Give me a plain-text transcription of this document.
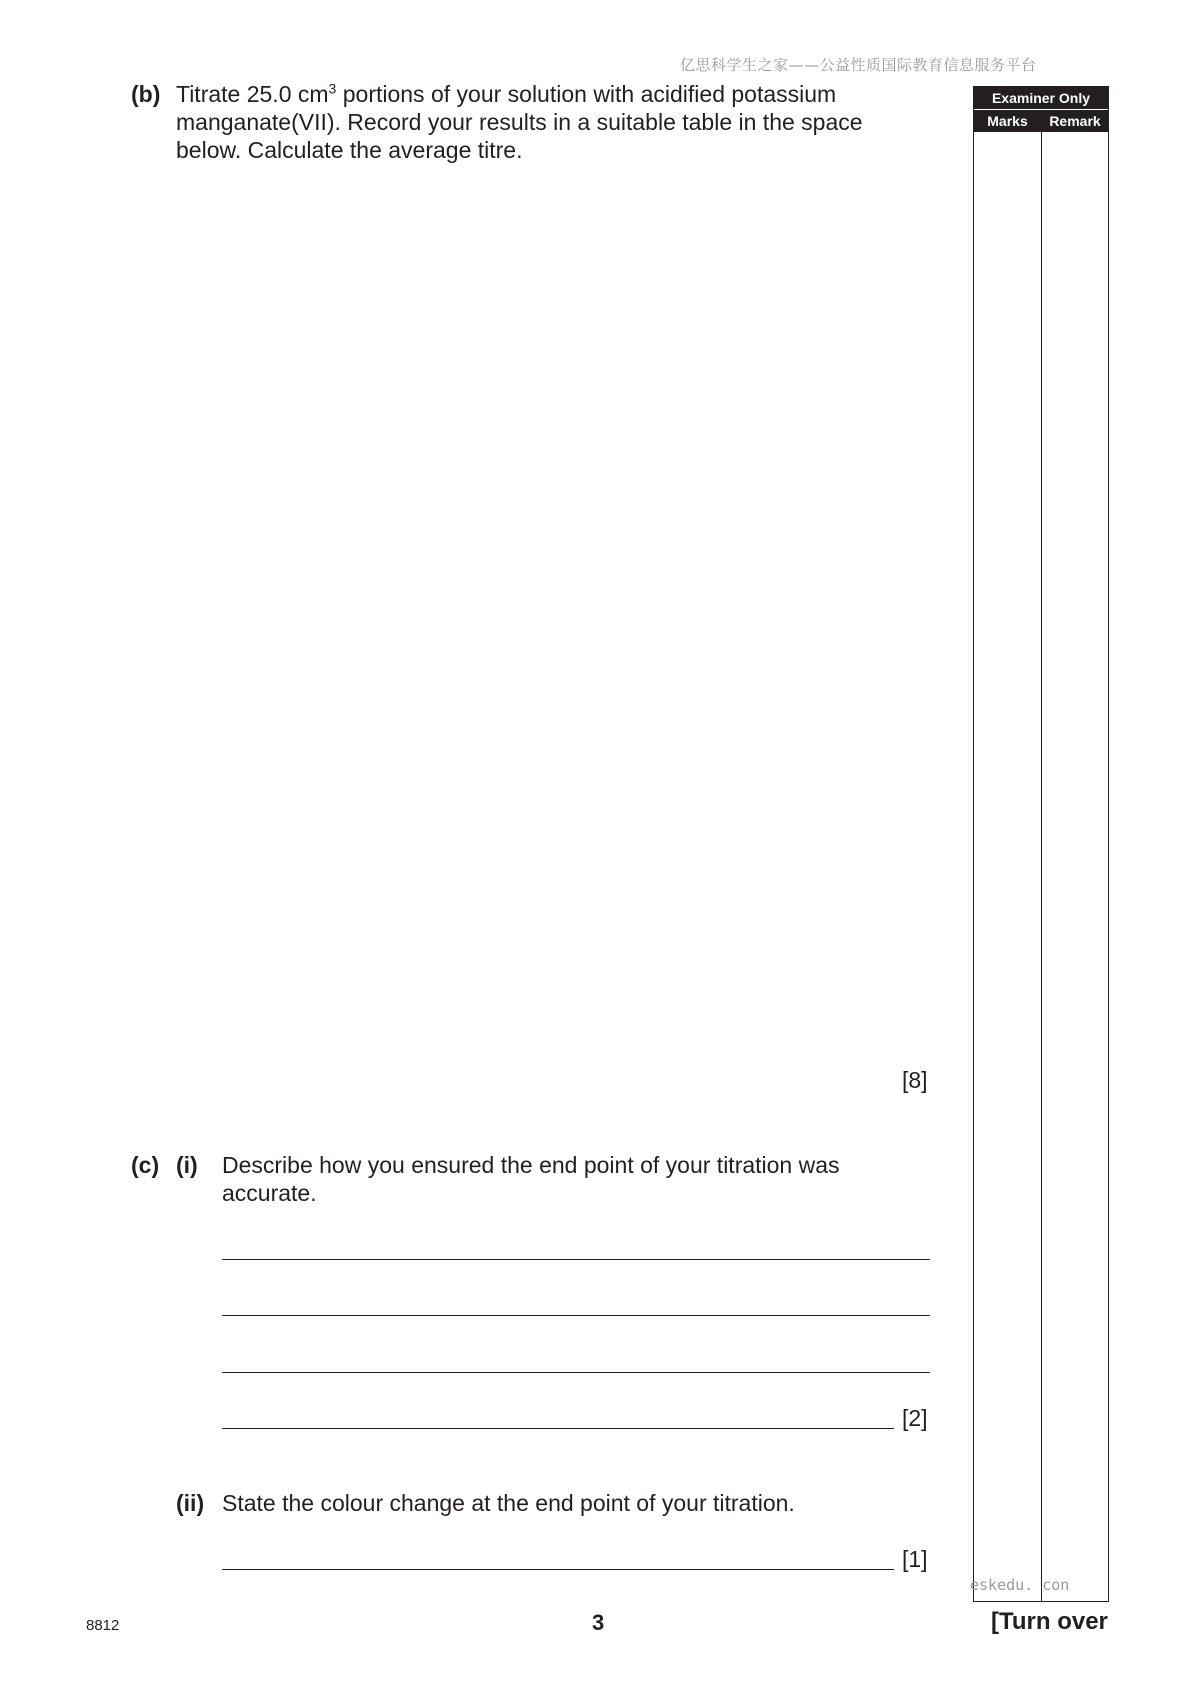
亿思科学生之家——公益性质国际教育信息服务平台
(b) Titrate 25.0 $cm^3$ portions of your solution with acidified potassium
manganate(VII). Record your results in a suitable table in the space
below. Calculate the average titre.
[8]
(c) (i) Describe how you ensured the end point of your titration was
accurate.
[2]
(ii) State the colour change at the end point of your titration.
[1]
Examiner Only
Marks	Remark
eskedu. con
8812	3	[Turn over
